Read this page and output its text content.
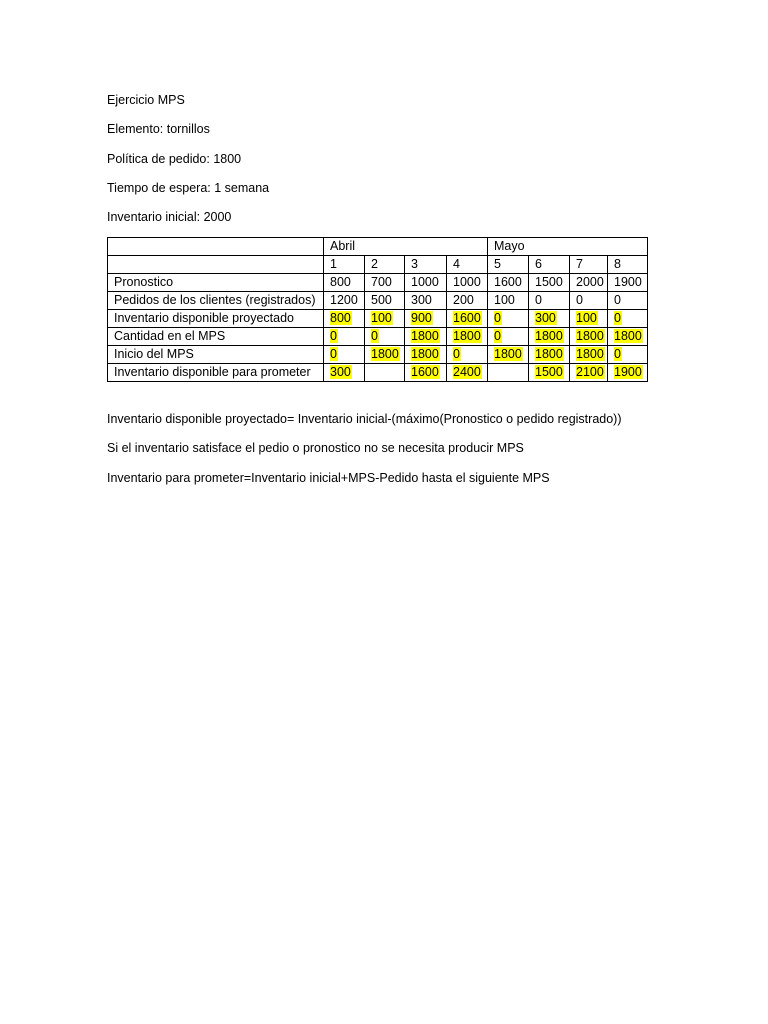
Ejercicio MPS
Elemento: tornillos
Política de pedido: 1800
Tiempo de espera: 1 semana
Inventario inicial: 2000
	Abril				Mayo			
	1	2	3	4	5	6	7	8
Pronostico	800	700	1000	1000	1600	1500	2000	1900
Pedidos de los clientes (registrados)	1200	500	300	200	100	0	0	0
Inventario disponible proyectado	800	100	900	1600	0	300	100	0
Cantidad en el MPS	0	0	1800	1800	0	1800	1800	1800
Inicio del MPS	0	1800	1800	0	1800	1800	1800	0
Inventario disponible para prometer	300		1600	2400		1500	2100	1900
Inventario disponible proyectado= Inventario inicial-(máximo(Pronostico o pedido registrado))
Si el inventario satisface el pedio o pronostico no se necesita producir MPS
Inventario para prometer=Inventario inicial+MPS-Pedido hasta el siguiente MPS
